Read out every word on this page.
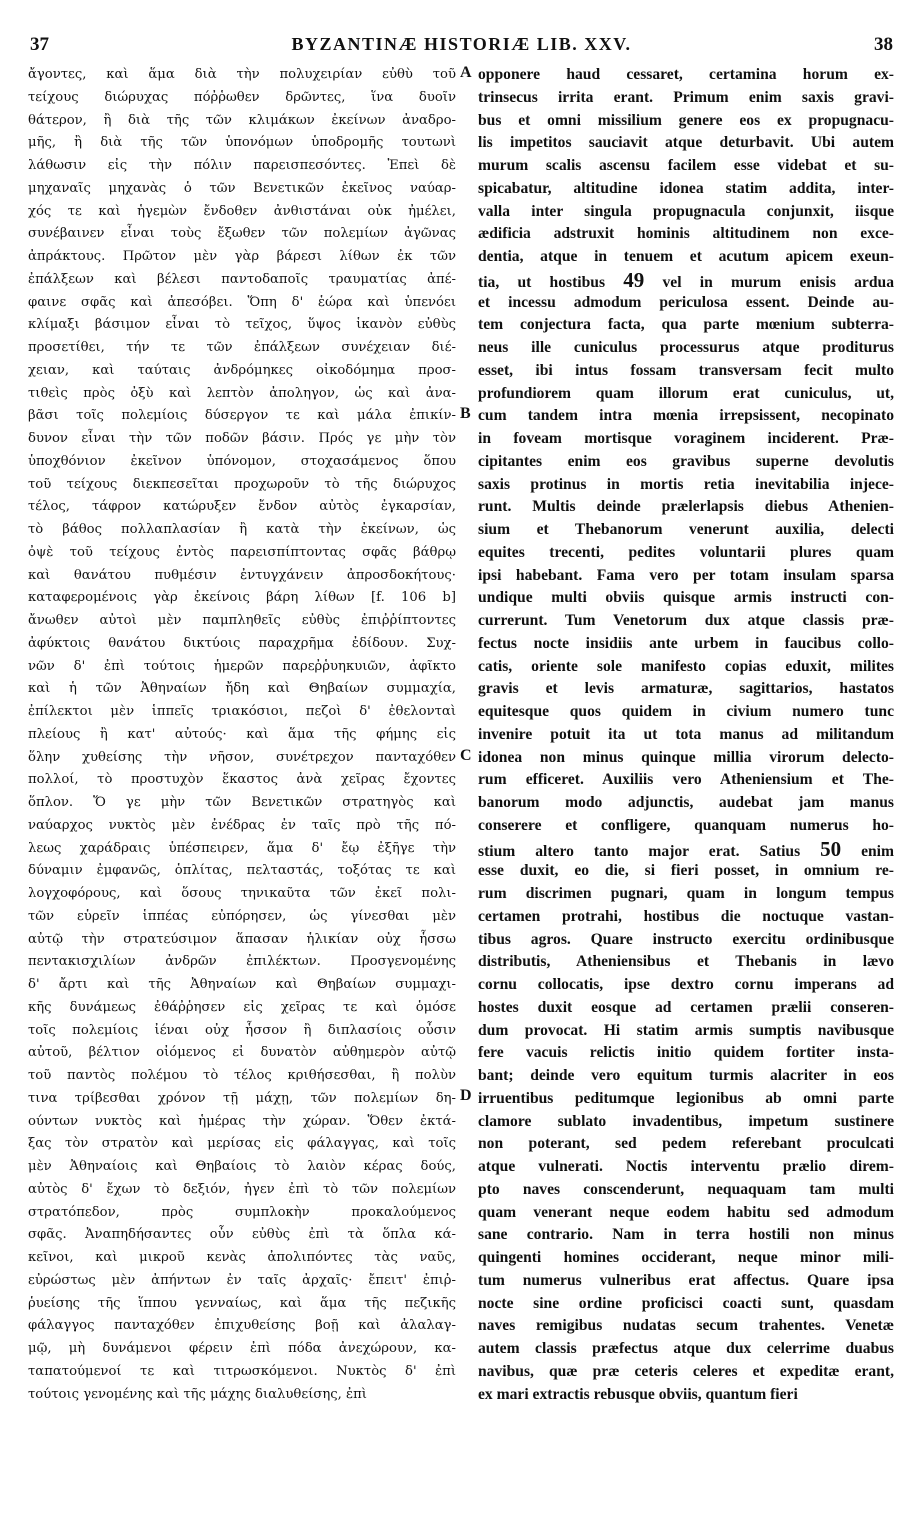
37	BYZANTINÆ HISTORIÆ LIB. XXV.	38
ἄγοντες, καὶ ἅμα διὰ τὴν πολυχειρίαν εὐθὺ τοῦ
τείχους διώρυχας πόῤῥωθεν δρῶντες, ἵνα δυοῖν
θάτερον, ἢ διὰ τῆς τῶν κλιμάκων ἐκείνων ἀναδρο-
μῆς, ἢ διὰ τῆς τῶν ὑπονόμων ὑποδρομῆς τουτωνὶ
λάθωσιν εἰς τὴν πόλιν παρεισπεσόντες. Ἐπεὶ δὲ
μηχαναῖς μηχανὰς ὁ τῶν Βενετικῶν ἐκεῖνος ναύαρ-
χός τε καὶ ἡγεμὼν ἔνδοθεν ἀνθιστάναι οὐκ ἠμέλει,
συνέβαινεν εἶναι τοὺς ἔξωθεν τῶν πολεμίων ἀγῶνας
ἀπράκτους. Πρῶτον μὲν γὰρ βάρεσι λίθων ἐκ τῶν
ἐπάλξεων καὶ βέλεσι παντοδαποῖς τραυματίας ἀπέ-
φαινε σφᾶς καὶ ἀπεσόβει. Ὅπη δ' ἑώρα καὶ ὑπενόει
κλίμαξι βάσιμον εἶναι τὸ τεῖχος, ὕψος ἱκανὸν εὐθὺς
προσετίθει, τήν τε τῶν ἐπάλξεων συνέχειαν διέ-
χειαν, καὶ ταύταις ἀνδρόμηκες οἰκοδόμημα προσ-
τιθεὶς πρὸς ὀξὺ καὶ λεπτὸν ἀποληγον, ὡς καὶ ἀνα-
βᾶσι τοῖς πολεμίοις δύσεργον τε καὶ μάλα ἐπικίν-
δυνον εἶναι τὴν τῶν ποδῶν βάσιν. Πρός γε μὴν τὸν
ὑποχθόνιον ἐκεῖνον ὑπόνομον, στοχασάμενος ὅπου
τοῦ τείχους διεκπεσεῖται προχωροῦν τὸ τῆς διώρυχος
τέλος, τάφρον κατώρυξεν ἔνδον αὐτὸς ἐγκαρσίαν,
τὸ βάθος πολλαπλασίαν ἢ κατὰ τὴν ἐκείνων, ὡς
ὀψὲ τοῦ τείχους ἐντὸς παρεισπίπτοντας σφᾶς βάθρῳ
καὶ θανάτου πυθμέσιν ἐντυγχάνειν ἀπροσδοκήτους·
καταφερομένοις γὰρ ἐκείνοις βάρη λίθων [f. 106 b]
ἄνωθεν αὐτοὶ μὲν παμπληθεῖς εὐθὺς ἐπιῤῥίπτοντες
ἀφύκτοις θανάτου δικτύοις παραχρῆμα ἐδίδουν. Συχ-
νῶν δ' ἐπὶ τούτοις ἡμερῶν παρεῤῥυηκυιῶν, ἀφῖκτο
καὶ ἡ τῶν Ἀθηναίων ἤδη καὶ Θηβαίων συμμαχία,
ἐπίλεκτοι μὲν ἱππεῖς τριακόσιοι, πεζοὶ δ' ἐθελονταὶ
πλείους ἢ κατ' αὐτούς· καὶ ἅμα τῆς φήμης εἰς
ὅλην χυθείσης τὴν νῆσον, συνέτρεχον πανταχόθεν
πολλοί, τὸ προστυχὸν ἕκαστος ἀνὰ χεῖρας ἔχοντες
ὅπλον. Ὅ γε μὴν τῶν Βενετικῶν στρατηγὸς καὶ
ναύαρχος νυκτὸς μὲν ἐνέδρας ἐν ταῖς πρὸ τῆς πό-
λεως χαράδραις ὑπέσπειρεν, ἅμα δ' ἔῳ ἐξῆγε τὴν
δύναμιν ἐμφανῶς, ὁπλίτας, πελταστάς, τοξότας τε καὶ
λογχοφόρους, καὶ ὅσους τηνικαῦτα τῶν ἐκεῖ πολι-
τῶν εὑρεῖν ἱππέας εὐπόρησεν, ὡς γίνεσθαι μὲν
αὐτῷ τὴν στρατεύσιμον ἅπασαν ἡλικίαν οὐχ ἧσσω
πεντακισχιλίων ἀνδρῶν ἐπιλέκτων. Προσγενομένης
δ' ἄρτι καὶ τῆς Ἀθηναίων καὶ Θηβαίων συμμαχι-
κῆς δυνάμεως ἐθάῤῥησεν εἰς χεῖρας τε καὶ ὁμόσε
τοῖς πολεμίοις ἰέναι οὐχ ἧσσον ἢ διπλασίοις οὖσιν
αὐτοῦ, βέλτιον οἰόμενος εἰ δυνατὸν αὐθημερὸν αὐτῷ
τοῦ παντὸς πολέμου τὸ τέλος κριθήσεσθαι, ἢ πολὺν
τινα τρίβεσθαι χρόνον τῇ μάχῃ, τῶν πολεμίων δη-
ούντων νυκτὸς καὶ ἡμέρας τὴν χώραν. Ὅθεν ἐκτά-
ξας τὸν στρατὸν καὶ μερίσας εἰς φάλαγγας, καὶ τοῖς
μὲν Ἀθηναίοις καὶ Θηβαίοις τὸ λαιὸν κέρας δούς,
αὐτὸς δ' ἔχων τὸ δεξιόν, ἠγεν ἐπὶ τὸ τῶν πολεμίων
στρατόπεδον, πρὸς συμπλοκὴν προκαλούμενος
σφᾶς. Ἀναπηδήσαντες οὖν εὐθὺς ἐπὶ τὰ ὅπλα κά-
κεῖνοι, καὶ μικροῦ κενὰς ἀπολιπόντες τὰς ναῦς,
εὐρώστως μὲν ἀπήντων ἐν ταῖς ἀρχαῖς· ἔπειτ' ἐπιῤ-
ῥυείσης τῆς ἵππου γενναίως, καὶ ἅμα τῆς πεζικῆς
φάλαγγος πανταχόθεν ἐπιχυθείσης βοῇ καὶ ἀλαλαγ-
μῷ, μὴ δυνάμενοι φέρειν ἐπὶ πόδα ἀνεχώρουν, κα-
ταπατούμενοί τε καὶ τιτρωσκόμενοι. Νυκτὸς δ' ἐπὶ
τούτοις γενομένης καὶ τῆς μάχης διαλυθείσης, ἐπὶ
opponere haud cessaret, certamina horum ex-
trinsecus irrita erant. Primum enim saxis gravi-
bus et omni missilium genere eos ex propugnacu-
lis impetitos sauciavit atque deturbavit. Ubi autem
murum scalis ascensu facilem esse videbat et su-
spicabatur, altitudine idonea statim addita, inter-
valla inter singula propugnacula conjunxit, iisque
ædificia adstruxit hominis altitudinem non exce-
dentia, atque in tenuem et acutum apicem exeun-
tia, ut hostibus 49 vel in murum enisis ardua
et incessu admodum periculosa essent. Deinde au-
tem conjectura facta, qua parte mœnium subterra-
neus ille cuniculus processurus atque proditurus
esset, ibi intus fossam transversam fecit multo
profundiorem quam illorum erat cuniculus, ut,
cum tandem intra mœnia irrepsissent, necopinato
in foveam mortisque voraginem inciderent. Præ-
cipitantes enim eos gravibus superne devolutis
saxis protinus in mortis retia inevitabilia injece-
runt. Multis deinde prælerlapsis diebus Athenien-
sium et Thebanorum venerunt auxilia, delecti
equites trecenti, pedites voluntarii plures quam
ipsi habebant. Fama vero per totam insulam sparsa
undique multi obviis quisque armis instructi con-
currerunt. Tum Venetorum dux atque classis præ-
fectus nocte insidiis ante urbem in faucibus collo-
catis, oriente sole manifesto copias eduxit, milites
gravis et levis armaturæ, sagittarios, hastatos
equitesque quos quidem in civium numero tunc
invenire potuit ita ut tota manus ad militandum
idonea non minus quinque millia virorum delecto-
rum efficeret. Auxiliis vero Atheniensium et The-
banorum modo adjunctis, audebat jam manus
conserere et confligere, quanquam numerus ho-
stium altero tanto major erat. Satius 50 enim
esse duxit, eo die, si fieri posset, in omnium re-
rum discrimen pugnari, quam in longum tempus
certamen protrahi, hostibus die noctuque vastan-
tibus agros. Quare instructo exercitu ordinibusque
distributis, Atheniensibus et Thebanis in lævo
cornu collocatis, ipse dextro cornu imperans ad
hostes duxit eosque ad certamen prælii conseren-
dum provocat. Hi statim armis sumptis navibusque
fere vacuis relictis initio quidem fortiter insta-
bant; deinde vero equitum turmis alacriter in eos
irruentibus peditumque legionibus ab omni parte
clamore sublato invadentibus, impetum sustinere
non poterant, sed pedem referebant proculcati
atque vulnerati. Noctis interventu prælio direm-
pto naves conscenderunt, nequaquam tam multi
quam venerant neque eodem habitu sed admodum
sane contrario. Nam in terra hostili non minus
quingenti homines occiderant, neque minor mili-
tum numerus vulneribus erat affectus. Quare ipsa
nocte sine ordine proficisci coacti sunt, quasdam
naves remigibus nudatas secum trahentes. Venetæ
autem classis præfectus atque dux celerrime duabus
navibus, quæ præ ceteris celeres et expeditæ erant,
ex mari extractis rebusque obviis, quantum fieri
A
B
C
D
